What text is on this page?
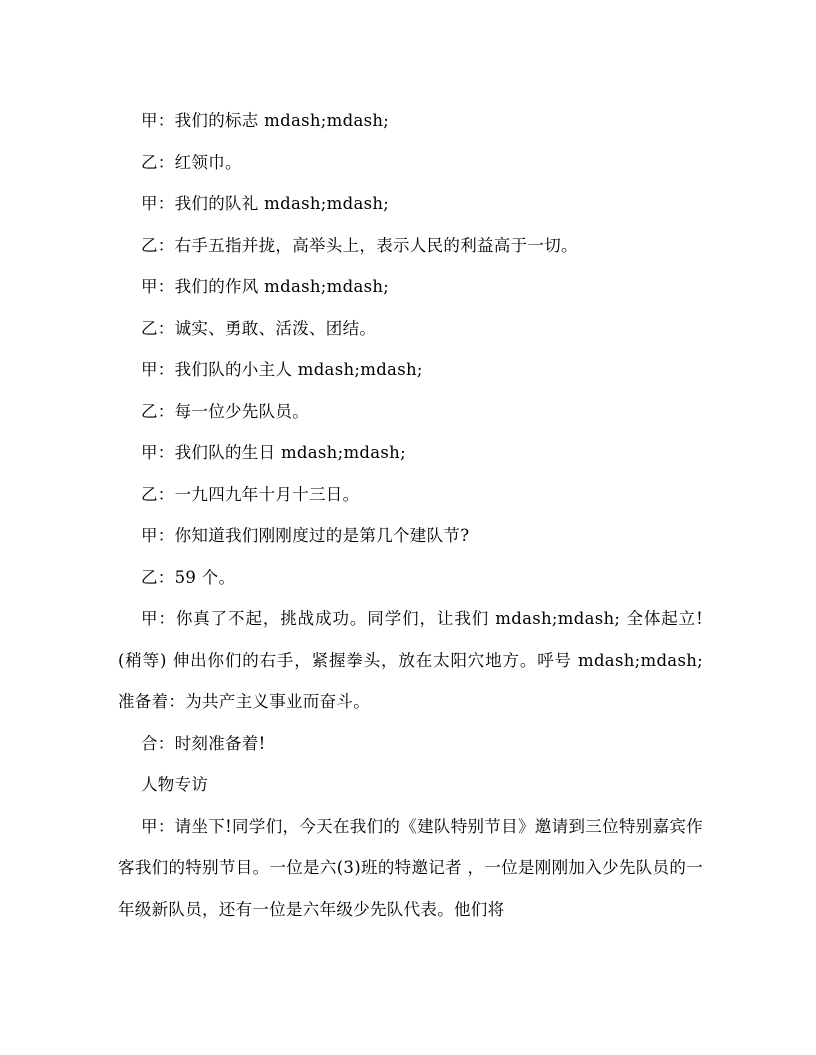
甲：我们的标志 mdash;mdash;

乙：红领巾。

甲：我们的队礼 mdash;mdash;

乙：右手五指并拢，高举头上，表示人民的利益高于一切。

甲：我们的作风 mdash;mdash;

乙：诚实、勇敢、活泼、团结。

甲：我们队的小主人 mdash;mdash;

乙：每一位少先队员。

甲：我们队的生日 mdash;mdash;

乙：一九四九年十月十三日。

甲：你知道我们刚刚度过的是第几个建队节?

乙：59 个。

甲：你真了不起，挑战成功。同学们，让我们 mdash;mdash; 全体起立!(稍等) 伸出你们的右手，紧握拳头，放在太阳穴地方。呼号 mdash;mdash; 准备着：为共产主义事业而奋斗。

合：时刻准备着!

人物专访

甲：请坐下!同学们，今天在我们的《建队特别节目》邀请到三位特别嘉宾作客我们的特别节目。一位是六(3)班的特邀记者 ，一位是刚刚加入少先队员的一年级新队员，还有一位是六年级少先队代表。他们将
